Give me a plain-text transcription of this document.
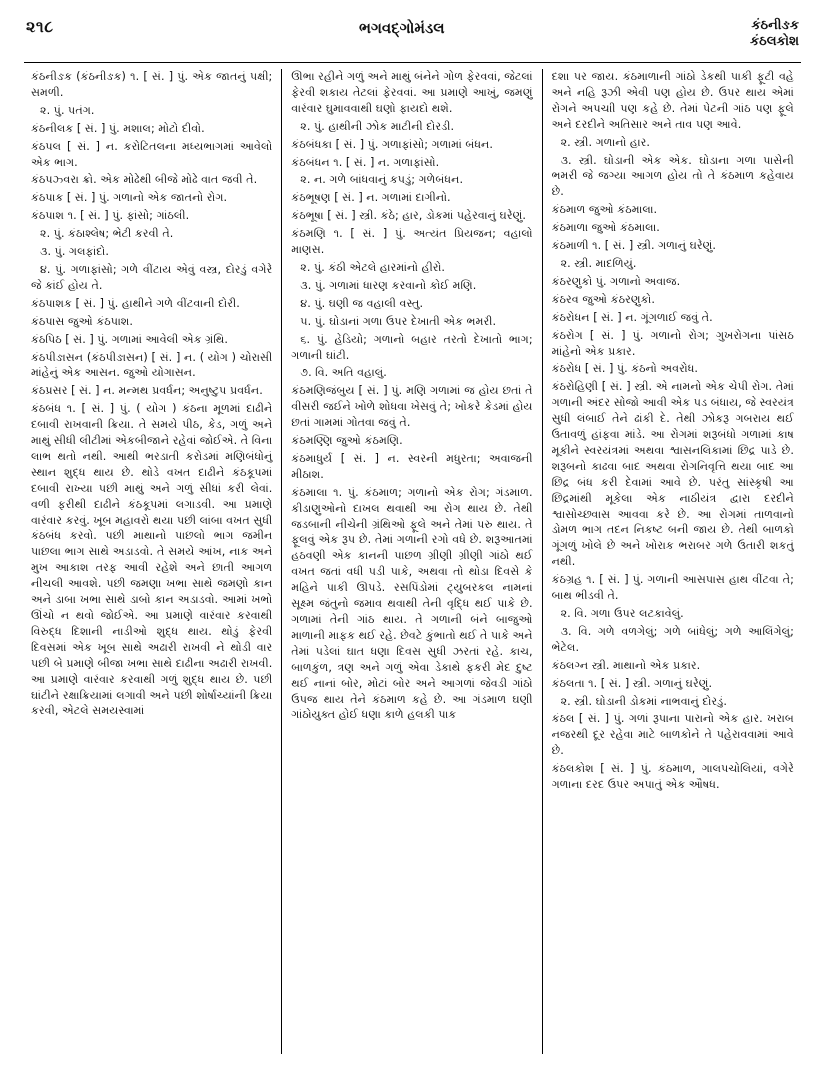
૨૧૮	ભગવદ્ગોમંડલ	કંઠનીઙક
કંઠલકોશ

કંઠનીઙક (કંઠનીઙક) ૧. [ સં. ] પું. એક જાતનું પક્ષી; સમળી.

૨. પું. પતંગ.

કંઠનીલક [ સં. ] પું. મશાલ; મોટો દીવો.

કંઠપલ [ સં. ] ન. કરોટિતલના મધ્યભાગમાં આવેલો એક ભાગ.

કંઠપઝ્વરા ક્રો. એક મોઢેથી બીજે મોઢે વાત જવી તે.

કંઠપાક [ સં. ] પું. ગળાનો એક જાતનો રોગ.

કંઠપાશ ૧. [ સં. ] પું. ફાંસો; ગાંઠલી.

૨. પું. કંઠાશ્લેષ; ભેટી કરવી તે.

૩. પું. ગલફાંદો.

૪. પું. ગળાફાંસો; ગળે વીંટાય એવું વસ્ત્ર, દોરડું વગેરે જે કાંઈ હોય તે.

કંઠપાશક [ સં. ] પું. હાથીને ગળે વીંટવાની દોરી.

કંઠપાસ જુઓ કંઠપાશ.

કંઠપિઠ [ સં. ] પું. ગળામાં આવેલી એક ગ્રંથિ.

કંઠપીઙાસન (કંઠપીઙાસન) [ સં. ] ન. ( યોગ ) ચોરાસી માંહેનું એક આસન. જુઓ યોગાસન.

કંઠપ્રસર [ સં. ] ન. મન્મથ પ્રવર્ધન; અનુષ્ટુપ પ્રવર્ધન.

કંઠબંધ ૧. [ સં. ] પું. ( યોગ ) કંઠના મૂળમાં દાઢીને દબાવી રાખવાની ક્રિયા. તે સમયે પીઠ, કેડ, ગળું અને માથું સીધી લીટીમાં એકબીજાને રહેવાં જોઈએ. તે વિના લાભ થતો નથી. આથી ભરડાતી કરોડમાં મણિબંધોનું સ્થાન શુદ્ધ થાય છે. થોડે વખત દાઢીને કંઠકૂપમાં દબાવી રાખ્યા પછી માથું અને ગળું સીધાં કરી લેવાં. વળી ફરીથી દાઢીને કંઠકૂપમાં લગાડવી. આ પ્રમાણે વારંવાર કરવું. ખૂબ મહાવરો થયા પછી લાંબા વખત સુધી કંઠબંધ કરવો. પછી માથાનો પાછલો ભાગ જમીન પાછલા ભાગ સાથે અડાડવો. તે સમયે આંખ, નાક અને મુખ આકાશ તરફ આવી રહેશે અને છાતી આગળ નીચલી આવશે. પછી જમણા ખભા સાથે જમણો કાન અને ડાબા ખભા સાથે ડાબો કાન અડાડવો. આમાં ખભો ઊંચો ન થવો જોઈએ. આ પ્રમાણે વારંવાર કરવાથી વિરુદ્ધ દિશાની નાડીઓ શુદ્ધ થાય. થોડું ફેરવી દિવસમાં એક ખૂબ સાથે અઢારી રાખવી ને થોડી વાર પછી બે પ્રમાણે બીજા ખભા સાથે દાઢીના અઢારી રાખવી. આ પ્રમાણે વારંવાર કરવાથી ગળું શુદ્ધ થાય છે. પછી ઘાંટીને રક્ષાક્રિયામાં લગાવી અને પછી શોર્ષાચ્યાંની ક્રિયા કરવી, એટલે સમયસ્વામાં

ઊભા રહીને ગળું અને માથું બંનેને ગોળ ફેરવવાં, જેટલાં ફેરવી શકાય તેટલાં ફેરવવાં. આ પ્રમાણે આખું, જમણું વારંવાર ઘુમાવવાથી ઘણો ફાયદો થશે.

૨. પું. હાથીની ઝોક માટીની દોરડી.

કંઠબંધકા [ સં. ] પું. ગળાફાંસો; ગળામાં બંધન.

કંઠબંધન ૧. [ સં. ] ન. ગળાફાંસો.

૨. ન. ગળે બાંધવાનું કપડું; ગળેબંધન.

કંઠભૂષણ [ સં. ] ન. ગળામાં દાગીનો.

કંઠભૂષા [ સં. ] સ્ત્રી. કંઠે; હાર, ડોકમાં પહેરવાનું ઘરેણું.

કંઠમણિ ૧. [ સં. ] પું. અત્યંત પ્રિયજન; વહાલો માણસ.

૨. પું. કંઠી એટલે હારમાંનો હીરો.

૩. પું. ગળામાં ધારણ કરવાનો કોઈ મણિ.

૪. પું. ઘણી જ વહાલી વસ્તુ.

૫. પું. ઘોડાનાં ગળા ઉપર દેખાતી એક ભમરી.

૬. પું. હેડિયો; ગળાનો બહાર તરતો દેખાતો ભાગ; ગળાની ઘાંટી.

૭. વિ. અતિ વહાલું.

કંઠમણિજંબુય [ સં. ] પું. મણિ ગળામાં જ હોય છતાં તે વીસરી જઈને ખોળે શોધવા ખેસવું તે; ખોકરે કેડમાં હોય છતાં ગામમાં ગોતવા જવું તે.

કંઠમણ્ણિ જુઓ કંઠમણિ.

કંઠમાધુર્ય [ સં. ] ન. સ્વરની મધુરતા; અવાજની મીઠાશ.

કંઠમાલા ૧. પું. કંઠમાળ; ગળાનો એક રોગ; ગંડમાળ. કીડાણુઓનો દાખલ થવાથી આ રોગ થાય છે. તેથી જડબાની નીચેની ગ્રંથિઓ ફૂલે અને તેમાં પરુ થાય. તે ફૂલવું એક રૂપ છે. તેમાં ગળાની રગો વધે છે. શરૂઆતમાં હઠવણી એક કાનની પાછળ ગ્રીણી ગ્રીણી ગાંઠો થઈ વખત જતાં વધી પડી પાકે, અથવા તો થોડા દિવસે કે મહિને પાકી ઊપડે. રસપિંડોમાં ટ્યુબરકલ નામનાં સૂક્ષ્મ જંતુનો જમાવ થવાથી તેની વૃદ્ધિ થઈ પાકે છે. ગળામાં તેની ગાંઠ થાય. તે ગળાની બંને બાજુઓ માળાની માફક થઈ રહે. છેવટે કુંભાતો થઈ તે પાકે અને તેમાં પડેલાં ઘાત ધણા દિવસ સુધી ઝરતાં રહે. કાચ, બાળકુંળ, ત્રણ અને ગળું એવા ડેકાથે ફકરી મેદ દુષ્ટ થઈ નાનાં બોર, મોટાં બોર અને આગળાં જેવડી ગાંઠો ઉપજ થાય તેને કંઠમાળ કહે છે. આ ગંડમાળ ઘણી ગાંઠોયુક્ત હોઈ ધણા કાળે હલકી પાક

દશા પર જાય. કંઠમાળાની ગાંઠો ડેકથી પાકી ફૂટી વહે અને નહિ રૂઝી એવી પણ હોય છે. ઉપર થાય એમાં રોગને અપચાી પણ કહે છે. તેમાં પેટની ગાંઠ પણ ફૂલે અને દરદીને અતિસાર અને તાવ પણ આવે.

૨. સ્ત્રી. ગળાનો હાર.

૩. સ્ત્રી. ઘોડાની એક એક. ઘોડાના ગળા પાસેની ભમરી જે જગ્યા આગળ હોય તો તે કંઠમાળ કહેવાય છે.

કંઠમાળ જુઓ કંઠમાલા.

કંઠમાળા જુઓ કંઠમાલા.

કંઠમાળી ૧. [ સં. ] સ્ત્રી. ગળાનું ઘરેણું.

૨. સ્ત્રી. માદળિયું.

કંઠરણુકો પું. ગળાનો અવાજ.

કંઠરવ જુઓ કંઠરણુકો.

કંઠરોધન [ સં. ] ન. ગૂંગળાઈ જવું તે.

કંઠરોગ [ સં. ] પું. ગળાનો રોગ; ગુખરોગના પાંસઠ માંહેનો એક પ્રકાર.

કંઠરોધ [ સં. ] પું. કંઠનો અવરોધ.

કંઠરોહિણી [ સં. ] સ્ત્રી. એ નામનો એક ચેપી રોગ. તેમાં ગળાની અંદર સોજો આવી એક પડ બંધાય, જે સ્વરયંત્ર સુધી લંબાઈ તેને ઢાંકી દે. તેથી ઝોકરૂ ગબરાય થઈ ઉતાવળું હાંફવા માંડે. આ રોગમાં શરૂબંધો ગળામાં કાષ મૂકીને સ્વરયંત્રમાં અથવા શ્વાસનલિકામાં છિદ્ર પાડે છે. શરૂબનો કાઢવા બાદ અથવા રોગનિવૃત્તિ થયા બાદ આ છિદ્ર બંધ કરી દેવામાં આવે છે. પરંતુ સાંસ્કૃષી આ છિદ્રમાંથી મૂકેલા એક નાઠીયંત્ર દ્વારા દરદીને શ્વાસોચ્છ્વાસ આવવા કરે છે. આ રોગમાં તાળવાનો ડોમળ ભાગ તદન નિકષ્ટ બની જાય છે. તેથી બાળકો ગૂંગળું ખોલે છે અને ખોરાક ભરાબર ગળે ઉતારી શકતું નથી.

કંઠગ્રહ ૧. [ સં. ] પું. ગળાની આસપાસ હાથ વીંટવા તે; બાથ ભીડવી તે.

૨. વિ. ગળા ઉપર લટકાવેલું.

૩. વિ. ગળે વળગેલું; ગળે બાંધેલું; ગળે આલિંગેલું; ભેટેલ.

કંઠલગ્ન સ્ત્રી. માથાનો એક પ્રકાર.

કંઠલતા ૧. [ સં. ] સ્ત્રી. ગળાનું ઘરેણું.

૨. સ્ત્રી. ઘોડાની ડોકમાં નાભવાનું દોરડું.

કંઠલ [ સં. ] પું. ગળાં રૂપાના પારાનો એક હાર. ખરાબ નજરથી દૂર રહેવા માટે બાળકોને તે પહેરાવવામાં આવે છે.

કંઠલકોશ [ સં. ] પું. કંઠમાળ, ગાલપચોલિયાં, વગેરે ગળાના દરદ ઉપર અપાતું એક ઔષધ.
